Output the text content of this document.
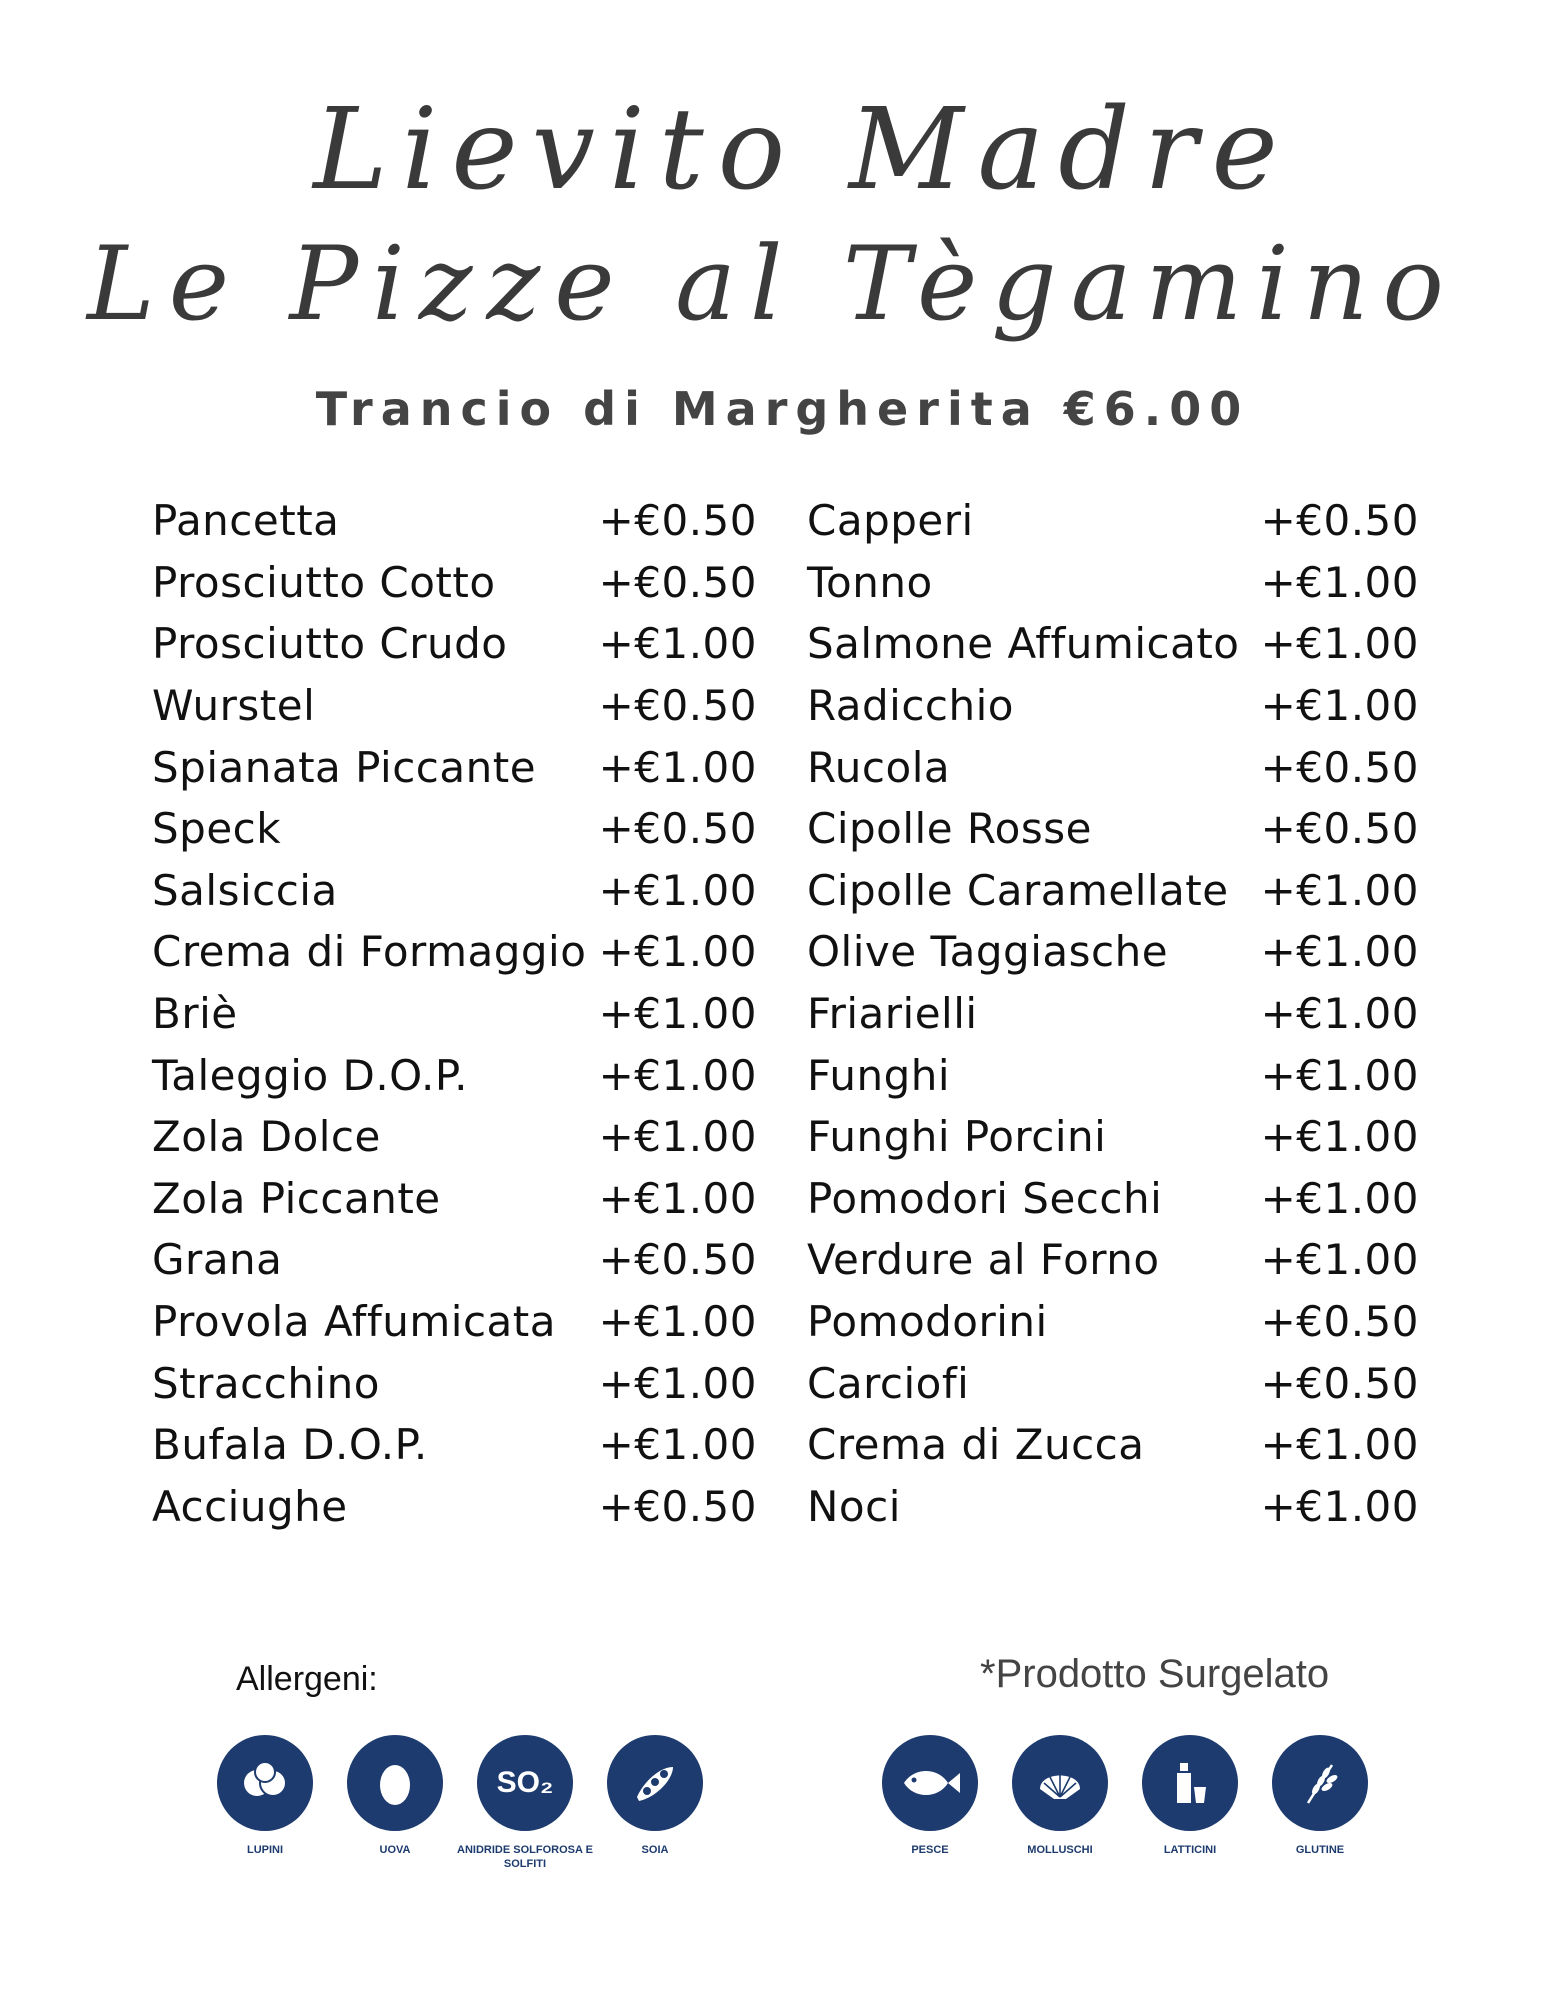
Lievito Madre
Le Pizze al Tègamino
Trancio di Margherita €6.00
Pancetta	+€0.50
Prosciutto Cotto +€0.50
Prosciutto Crudo +€1.00
Wurstel	+€0.50
Spianata Piccante +€1.00
Speck	+€0.50
Salsiccia	+€1.00
Crema di Formaggio +€1.00
Briè	+€1.00
Taleggio D.O.P.	+€1.00
Zola Dolce	+€1.00
Zola Piccante	+€1.00
Grana	+€0.50
Provola Affumicata +€1.00
Stracchino	+€1.00
Bufala D.O.P.	+€1.00
Acciughe	+€0.50
Capperi	+€0.50
Tonno	+€1.00
Salmone Affumicato +€1.00
Radicchio	+€1.00
Rucola	+€0.50
Cipolle Rosse	+€0.50
Cipolle Caramellate +€1.00
Olive Taggiasche +€1.00
Friarielli	+€1.00
Funghi	+€1.00
Funghi Porcini	+€1.00
Pomodori Secchi +€1.00
Verdure al Forno +€1.00
Pomodorini	+€0.50
Carciofi	+€0.50
Crema di Zucca	+€1.00
Noci	+€1.00
Allergeni:	*Prodotto Surgelato
LUPINI	UOVA
SO₂
ANIDRIDE SOLFOROSA E SOLFITI
SOIA	PESCE	MOLLUSCHI	LATTICINI	GLUTINE
